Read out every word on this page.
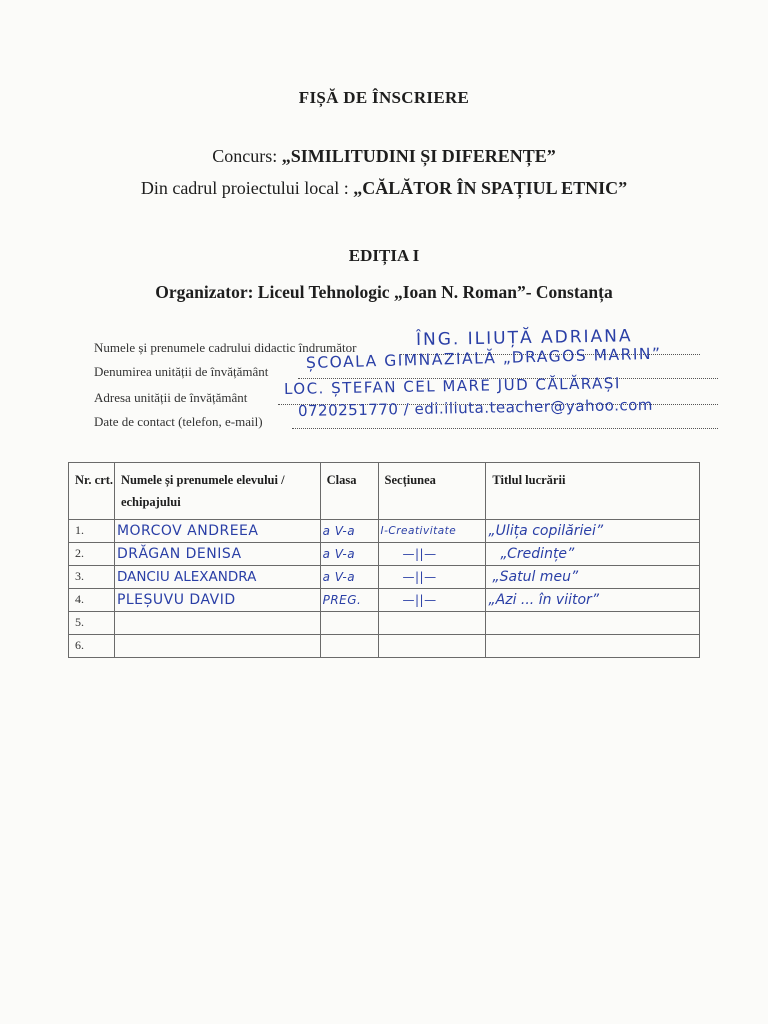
FIȘĂ DE ÎNSCRIERE
Concurs: „SIMILITUDINI ȘI DIFERENȚE”
Din cadrul proiectului local : „CĂLĂTOR ÎN SPAȚIUL ETNIC”
EDIȚIA I
Organizator: Liceul Tehnologic „Ioan N. Roman”- Constanța
Numele și prenumele cadrului didactic îndrumător	ÎNG. ILIUȚĂ ADRIANA
Denumirea unității de învățământ ȘCOALA GIMNAZIALĂ „DRAGOS MARIN”
Adresa unității de învățământ LOC. ȘTEFAN CEL MARE JUD CĂLĂRAȘI
Date de contact (telefon, e-mail)
0720251770 / edi.iliuta.teacher@yahoo.com
Nr. crt.	Numele și prenumele elevului / echipajului	Clasa	Secțiunea	Titlul lucrării
1.	MORCOV ANDREEA	a V-a	I-Creativitate	„Ulița copilăriei”

2.	DRĂGAN DENISA	a V-a	—||—	„Credințe”

3.	DANCIU ALEXANDRA	a V-a	—||—	„Satul meu”

4.	PLEȘUVU DAVID	PREG.	—||—	„Azi ... în viitor”

5.				
6.				
